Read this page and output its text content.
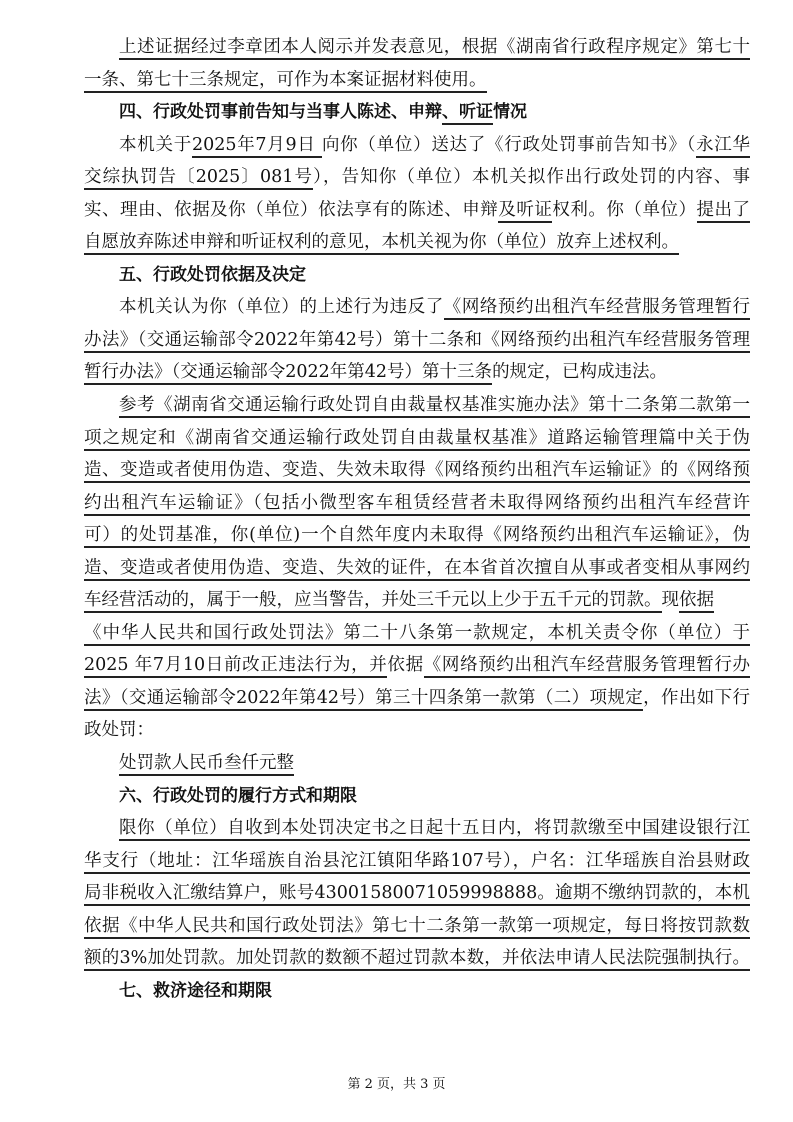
上述证据经过李章团本人阅示并发表意见，根据《湖南省行政程序规定》第七十
一条、第七十三条规定，可作为本案证据材料使用。
四、行政处罚事前告知与当事人陈述、申辩、听证情况
本机关于2025年7月9日 向你（单位）送达了《行政处罚事前告知书》（永江华
交综执罚告〔2025〕081号），告知你（单位）本机关拟作出行政处罚的内容、事
实、理由、依据及你（单位）依法享有的陈述、申辩及听证权利。你（单位）提出了
自愿放弃陈述申辩和听证权利的意见，本机关视为你（单位）放弃上述权利。
五、行政处罚依据及决定
本机关认为你（单位）的上述行为违反了《网络预约出租汽车经营服务管理暂行
办法》（交通运输部令2022年第42号）第十二条和《网络预约出租汽车经营服务管理
暂行办法》（交通运输部令2022年第42号）第十三条的规定，已构成违法。
参考《湖南省交通运输行政处罚自由裁量权基准实施办法》第十二条第二款第一
项之规定和《湖南省交通运输行政处罚自由裁量权基准》道路运输管理篇中关于伪
造、变造或者使用伪造、变造、失效未取得《网络预约出租汽车运输证》的《网络预
约出租汽车运输证》（包括小微型客车租赁经营者未取得网络预约出租汽车经营许
可）的处罚基准，你(单位)一个自然年度内未取得《网络预约出租汽车运输证》，伪
造、变造或者使用伪造、变造、失效的证件，在本省首次擅自从事或者变相从事网约
车经营活动的，属于一般，应当警告，并处三千元以上少于五千元的罚款。现依据
《中华人民共和国行政处罚法》第二十八条第一款规定，本机关责令你（单位）于
2025 年7月10日前改正违法行为，并依据《网络预约出租汽车经营服务管理暂行办
法》（交通运输部令2022年第42号）第三十四条第一款第（二）项规定，作出如下行
政处罚：
处罚款人民币叁仟元整
六、行政处罚的履行方式和期限
限你（单位）自收到本处罚决定书之日起十五日内，将罚款缴至中国建设银行江
华支行（地址：江华瑶族自治县沱江镇阳华路107号），户名：江华瑶族自治县财政
局非税收入汇缴结算户，账号43001580071059998888。逾期不缴纳罚款的，本机
依据《中华人民共和国行政处罚法》第七十二条第一款第一项规定，每日将按罚款数
额的3%加处罚款。加处罚款的数额不超过罚款本数，并依法申请人民法院强制执行。
七、救济途径和期限
第 2 页，共 3 页
